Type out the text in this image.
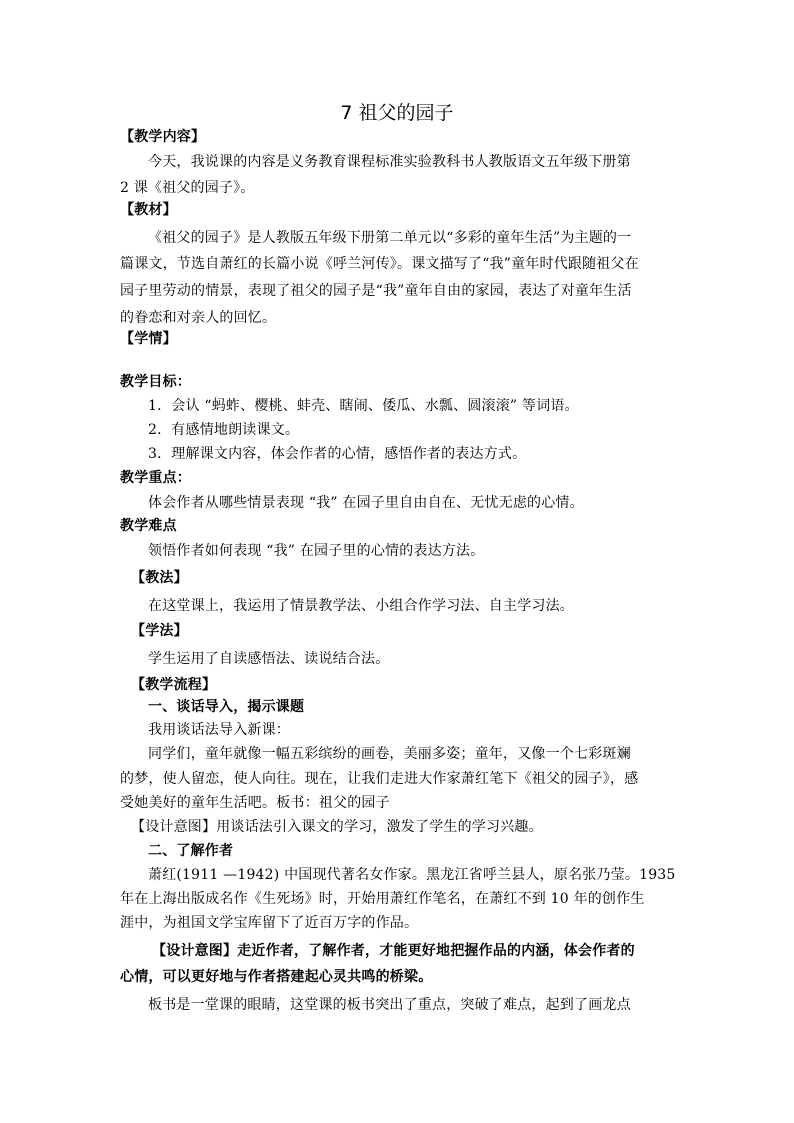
7 祖父的园子
【教学内容】
今天，我说课的内容是义务教育课程标准实验教科书人教版语文五年级下册第
2 课《祖父的园子》。
【教材】
《祖父的园子》是人教版五年级下册第二单元以“多彩的童年生活”为主题的一
篇课文，节选自萧红的长篇小说《呼兰河传》。课文描写了“我”童年时代跟随祖父在
园子里劳动的情景，表现了祖父的园子是“我”童年自由的家园，表达了对童年生活
的眷恋和对亲人的回忆。
【学情】
教学目标：
1．会认 “蚂蚱、樱桃、蚌壳、瞎闹、倭瓜、水瓢、圆滚滚” 等词语。
2．有感情地朗读课文。
3．理解课文内容，体会作者的心情，感悟作者的表达方式。
教学重点：
体会作者从哪些情景表现 “我” 在园子里自由自在、无忧无虑的心情。
教学难点
领悟作者如何表现 “我” 在园子里的心情的表达方法。
【教法】
在这堂课上，我运用了情景教学法、小组合作学习法、自主学习法。
【学法】
学生运用了自读感悟法、读说结合法。
【教学流程】
一、谈话导入，揭示课题
我用谈话法导入新课：
同学们，童年就像一幅五彩缤纷的画卷，美丽多姿；童年，又像一个七彩斑斓
的梦，使人留恋，使人向往。现在，让我们走进大作家萧红笔下《祖父的园子》，感
受她美好的童年生活吧。板书：祖父的园子
【设计意图】用谈话法引入课文的学习，激发了学生的学习兴趣。
二、了解作者
萧红(1911 —1942) 中国现代著名女作家。黑龙江省呼兰县人，原名张乃莹。1935
年在上海出版成名作《生死场》时，开始用萧红作笔名，在萧红不到 10 年的创作生
涯中，为祖国文学宝库留下了近百万字的作品。
【设计意图】走近作者，了解作者，才能更好地把握作品的内涵，体会作者的
心情，可以更好地与作者搭建起心灵共鸣的桥梁。
板书是一堂课的眼睛，这堂课的板书突出了重点，突破了难点，起到了画龙点
